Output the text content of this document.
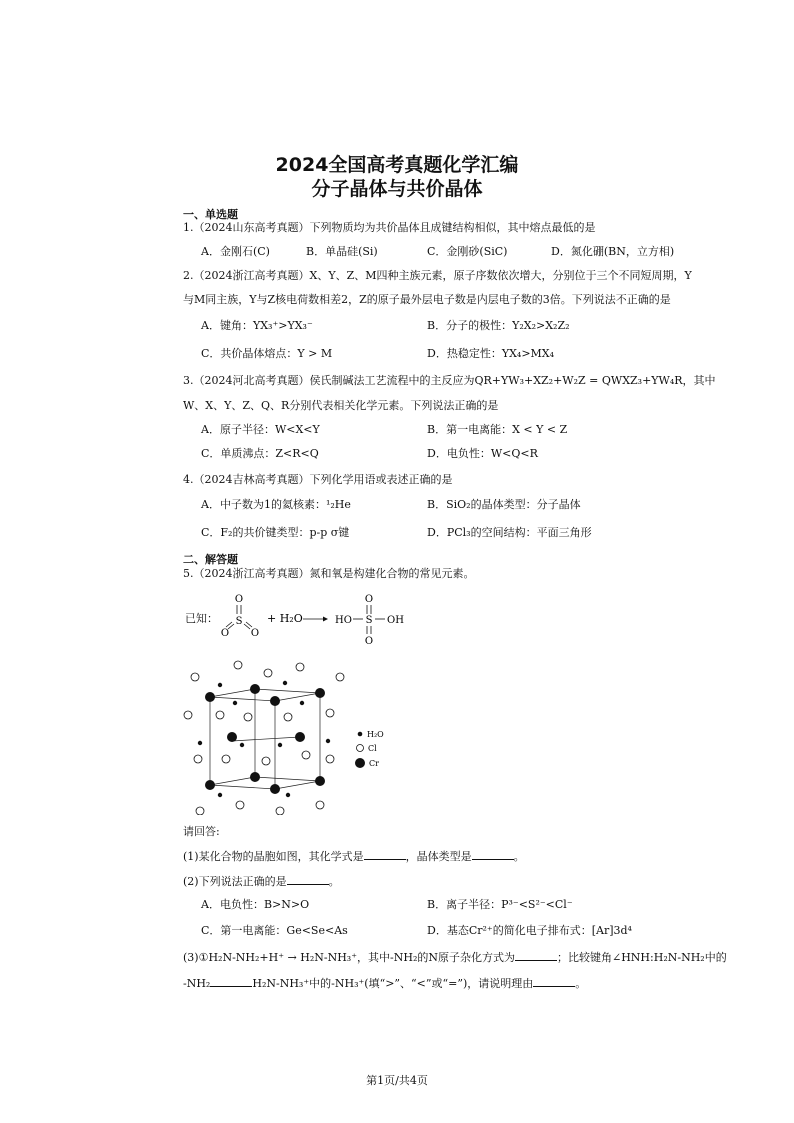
2024全国高考真题化学汇编
分子晶体与共价晶体
一、单选题
1.（2024山东高考真题）下列物质均为共价晶体且成键结构相似，其中熔点最低的是
A．金刚石(C)	B．单晶硅(Si)	C．金刚砂(SiC)	D．氮化硼(BN，立方相)
2.（2024浙江高考真题）X、Y、Z、M四种主族元素，原子序数依次增大，分别位于三个不同短周期，Y
与M同主族，Y与Z核电荷数相差2，Z的原子最外层电子数是内层电子数的3倍。下列说法不正确的是
A．键角：YX₃⁺>YX₃⁻	B．分子的极性：Y₂X₂>X₂Z₂
C．共价晶体熔点：Y > M	D．热稳定性：YX₄>MX₄
3.（2024河北高考真题）侯氏制碱法工艺流程中的主反应为QR+YW₃+XZ₂+W₂Z = QWXZ₃+YW₄R，其中
W、X、Y、Z、Q、R分别代表相关化学元素。下列说法正确的是
A．原子半径：W<X<Y	B．第一电离能：X < Y < Z
C．单质沸点：Z<R<Q	D．电负性：W<Q<R
4.（2024吉林高考真题）下列化学用语或表述正确的是
A．中子数为1的氦核素：¹₂He	B．SiO₂的晶体类型：分子晶体
C．F₂的共价键类型：p-p σ键	D．PCl₃的空间结构：平面三角形
二、解答题
5.（2024浙江高考真题）氮和氧是构建化合物的常见元素。
已知：
O
S
O O
+ H₂O
O
S
HO	OH
O
H₂O
Cl
Cr
请回答:
(1)某化合物的晶胞如图，其化学式是	，晶体类型是	。
(2)下列说法正确的是	。
A．电负性：B>N>O	B．离子半径：P³⁻<S²⁻<Cl⁻
C．第一电离能：Ge<Se<As	D．基态Cr²⁺的简化电子排布式：[Ar]3d⁴
(3)①H₂N-NH₂+H⁺ → H₂N-NH₃⁺，其中-NH₂的N原子杂化方式为	；比较键角∠HNH:H₂N-NH₂中的
-NH₂	H₂N-NH₃⁺中的-NH₃⁺(填“>”、“<”或“=”)，请说明理由	。
第1页/共4页
